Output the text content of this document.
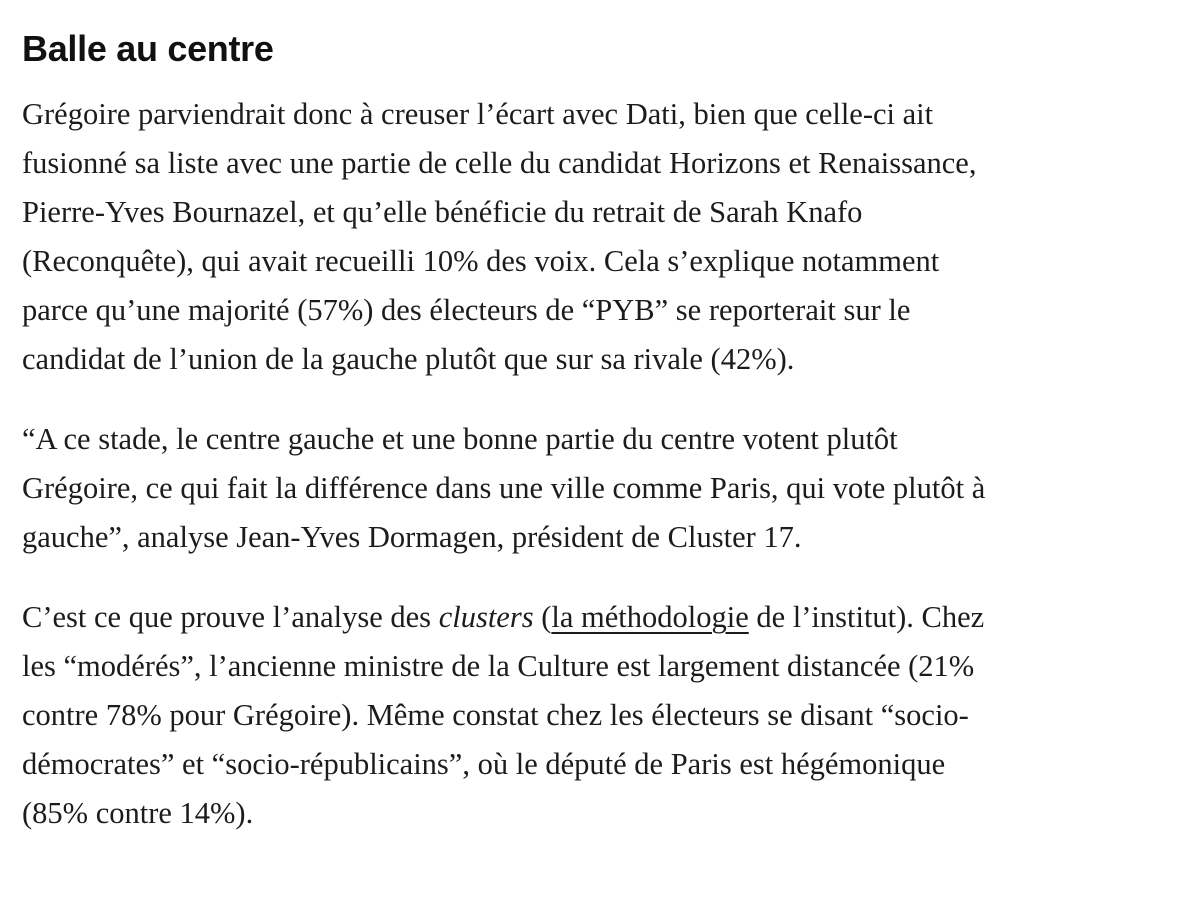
Balle au centre

Grégoire parviendrait donc à creuser l’écart avec Dati, bien que celle-ci ait
fusionné sa liste avec une partie de celle du candidat Horizons et Renaissance,
Pierre-Yves Bournazel, et qu’elle bénéficie du retrait de Sarah Knafo
(Reconquête), qui avait recueilli 10% des voix. Cela s’explique notamment
parce qu’une majorité (57%) des électeurs de “PYB” se reporterait sur le
candidat de l’union de la gauche plutôt que sur sa rivale (42%).

“A ce stade, le centre gauche et une bonne partie du centre votent plutôt
Grégoire, ce qui fait la différence dans une ville comme Paris, qui vote plutôt à
gauche”, analyse Jean-Yves Dormagen, président de Cluster 17.

C’est ce que prouve l’analyse des clusters (la méthodologie de l’institut). Chez
les “modérés”, l’ancienne ministre de la Culture est largement distancée (21%
contre 78% pour Grégoire). Même constat chez les électeurs se disant “socio-
démocrates” et “socio-républicains”, où le député de Paris est hégémonique
(85% contre 14%).
